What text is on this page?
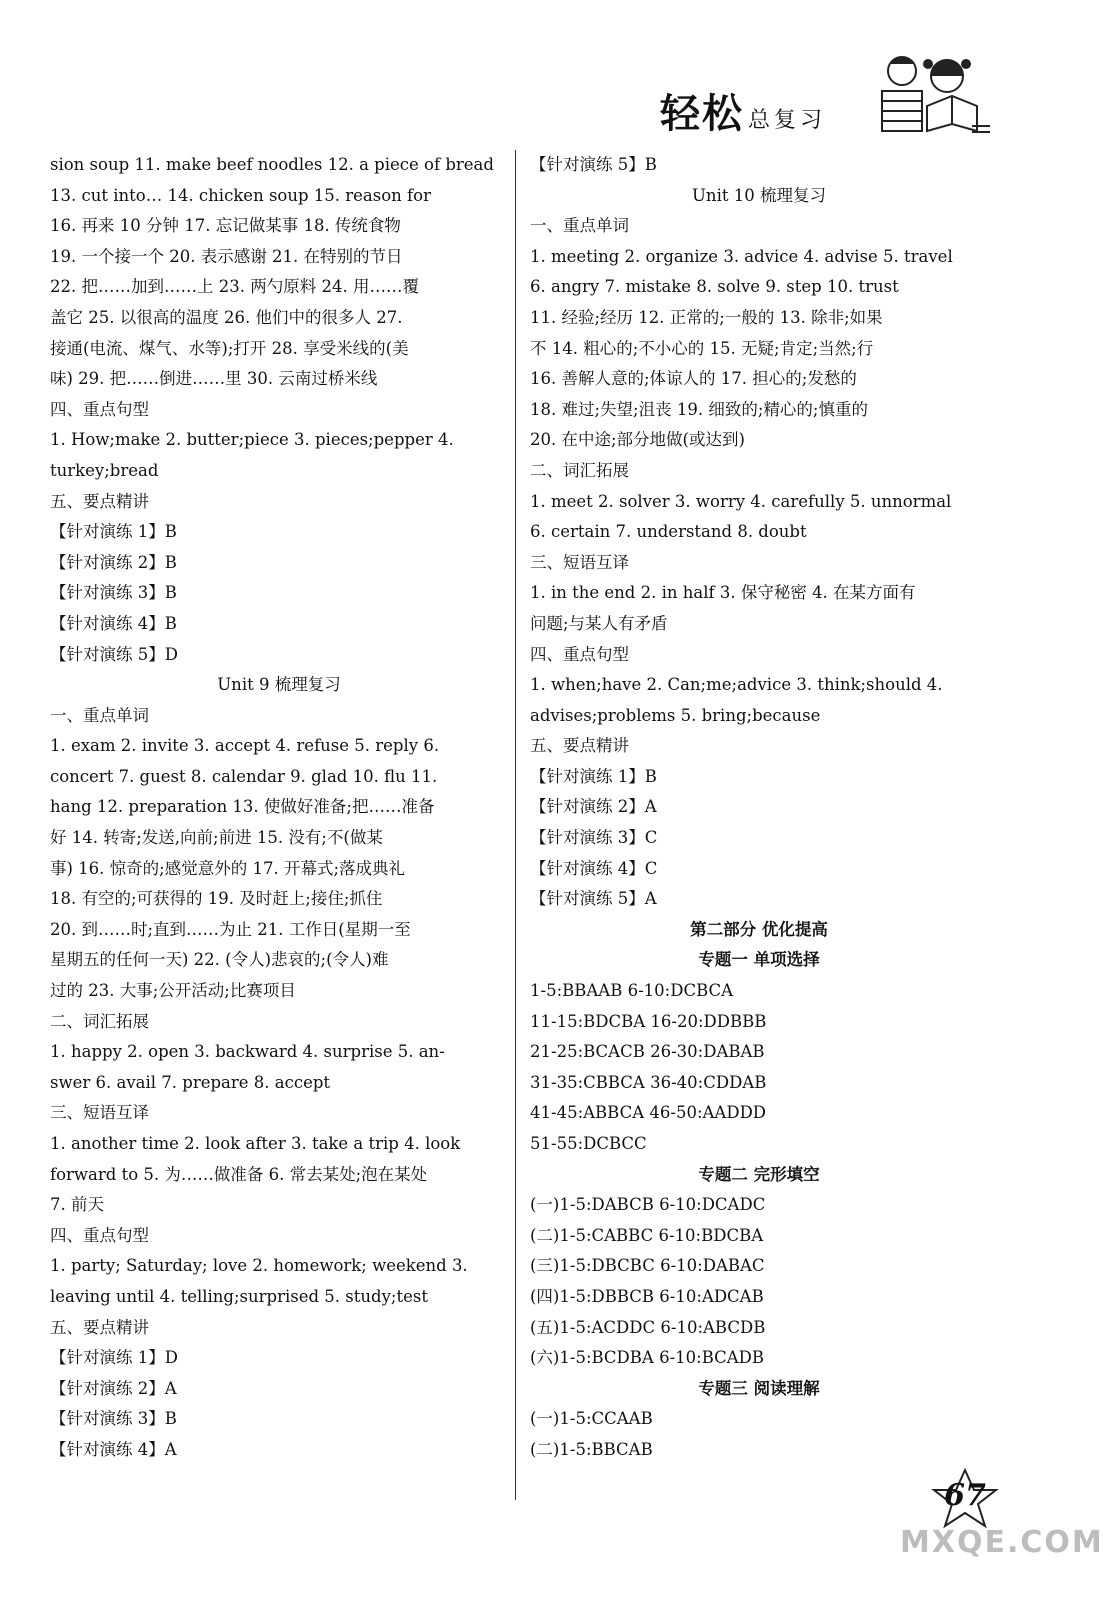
轻松 总复习
sion soup 11. make beef noodles 12. a piece of bread
13. cut into… 14. chicken soup 15. reason for
16. 再来 10 分钟 17. 忘记做某事 18. 传统食物
19. 一个接一个 20. 表示感谢 21. 在特别的节日
22. 把……加到……上 23. 两勺原料 24. 用……覆
盖它 25. 以很高的温度 26. 他们中的很多人 27.
接通(电流、煤气、水等);打开 28. 享受米线的(美
味) 29. 把……倒进……里 30. 云南过桥米线
四、重点句型
1. How;make 2. butter;piece 3. pieces;pepper 4.
turkey;bread
五、要点精讲
【针对演练 1】B
【针对演练 2】B
【针对演练 3】B
【针对演练 4】B
【针对演练 5】D
Unit 9 梳理复习
一、重点单词
1. exam 2. invite 3. accept 4. refuse 5. reply 6.
concert 7. guest 8. calendar 9. glad 10. flu 11.
hang 12. preparation 13. 使做好准备;把……准备
好 14. 转寄;发送,向前;前进 15. 没有;不(做某
事) 16. 惊奇的;感觉意外的 17. 开幕式;落成典礼
18. 有空的;可获得的 19. 及时赶上;接住;抓住
20. 到……时;直到……为止 21. 工作日(星期一至
星期五的任何一天) 22. (令人)悲哀的;(令人)难
过的 23. 大事;公开活动;比赛项目
二、词汇拓展
1. happy 2. open 3. backward 4. surprise 5. an-
swer 6. avail 7. prepare 8. accept
三、短语互译
1. another time 2. look after 3. take a trip 4. look
forward to 5. 为……做准备 6. 常去某处;泡在某处
7. 前天
四、重点句型
1. party; Saturday; love 2. homework; weekend 3.
leaving until 4. telling;surprised 5. study;test
五、要点精讲
【针对演练 1】D
【针对演练 2】A
【针对演练 3】B
【针对演练 4】A
【针对演练 5】B
Unit 10 梳理复习
一、重点单词
1. meeting 2. organize 3. advice 4. advise 5. travel
6. angry 7. mistake 8. solve 9. step 10. trust
11. 经验;经历 12. 正常的;一般的 13. 除非;如果
不 14. 粗心的;不小心的 15. 无疑;肯定;当然;行
16. 善解人意的;体谅人的 17. 担心的;发愁的
18. 难过;失望;沮丧 19. 细致的;精心的;慎重的
20. 在中途;部分地做(或达到)
二、词汇拓展
1. meet 2. solver 3. worry 4. carefully 5. unnormal
6. certain 7. understand 8. doubt
三、短语互译
1. in the end 2. in half 3. 保守秘密 4. 在某方面有
问题;与某人有矛盾
四、重点句型
1. when;have 2. Can;me;advice 3. think;should 4.
advises;problems 5. bring;because
五、要点精讲
【针对演练 1】B
【针对演练 2】A
【针对演练 3】C
【针对演练 4】C
【针对演练 5】A
第二部分 优化提高
专题一 单项选择
1-5:BBAAB 6-10:DCBCA
11-15:BDCBA 16-20:DDBBB
21-25:BCACB 26-30:DABAB
31-35:CBBCA 36-40:CDDAB
41-45:ABBCA 46-50:AADDD
51-55:DCBCC
专题二 完形填空
(一)1-5:DABCB 6-10:DCADC
(二)1-5:CABBC 6-10:BDCBA
(三)1-5:DBCBC 6-10:DABAC
(四)1-5:DBBCB 6-10:ADCAB
(五)1-5:ACDDC 6-10:ABCDB
(六)1-5:BCDBA 6-10:BCADB
专题三 阅读理解
(一)1-5:CCAAB
(二)1-5:BBCAB
67
MXQE.COM
